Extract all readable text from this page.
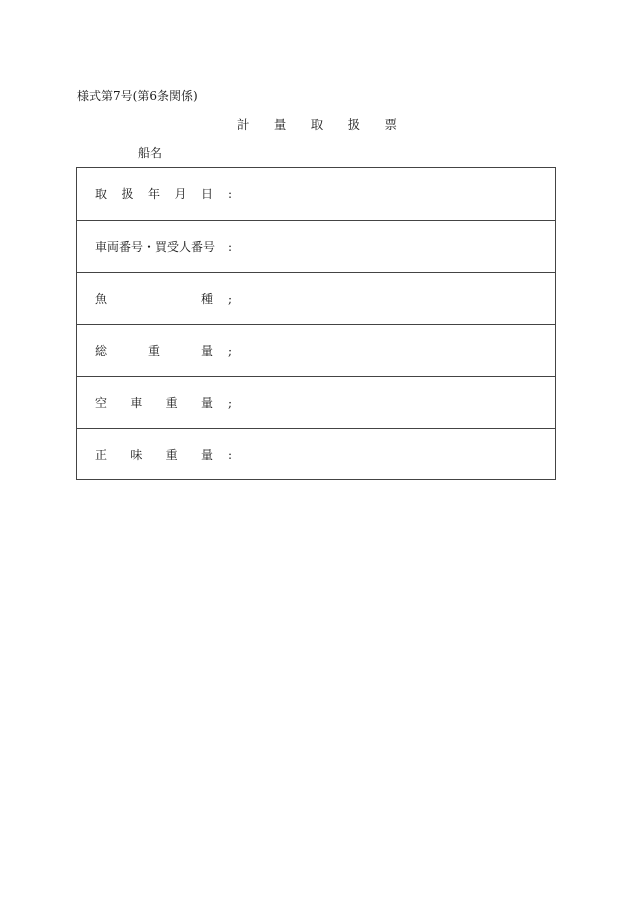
様式第7号(第6条関係)
計 量 取 扱 票
船名
取 扱 年 月 日 :
車両番号・買受人番号 :
魚	種 ;
総	重	量 ;
空 車 重 量 ;
正 味 重 量 :
